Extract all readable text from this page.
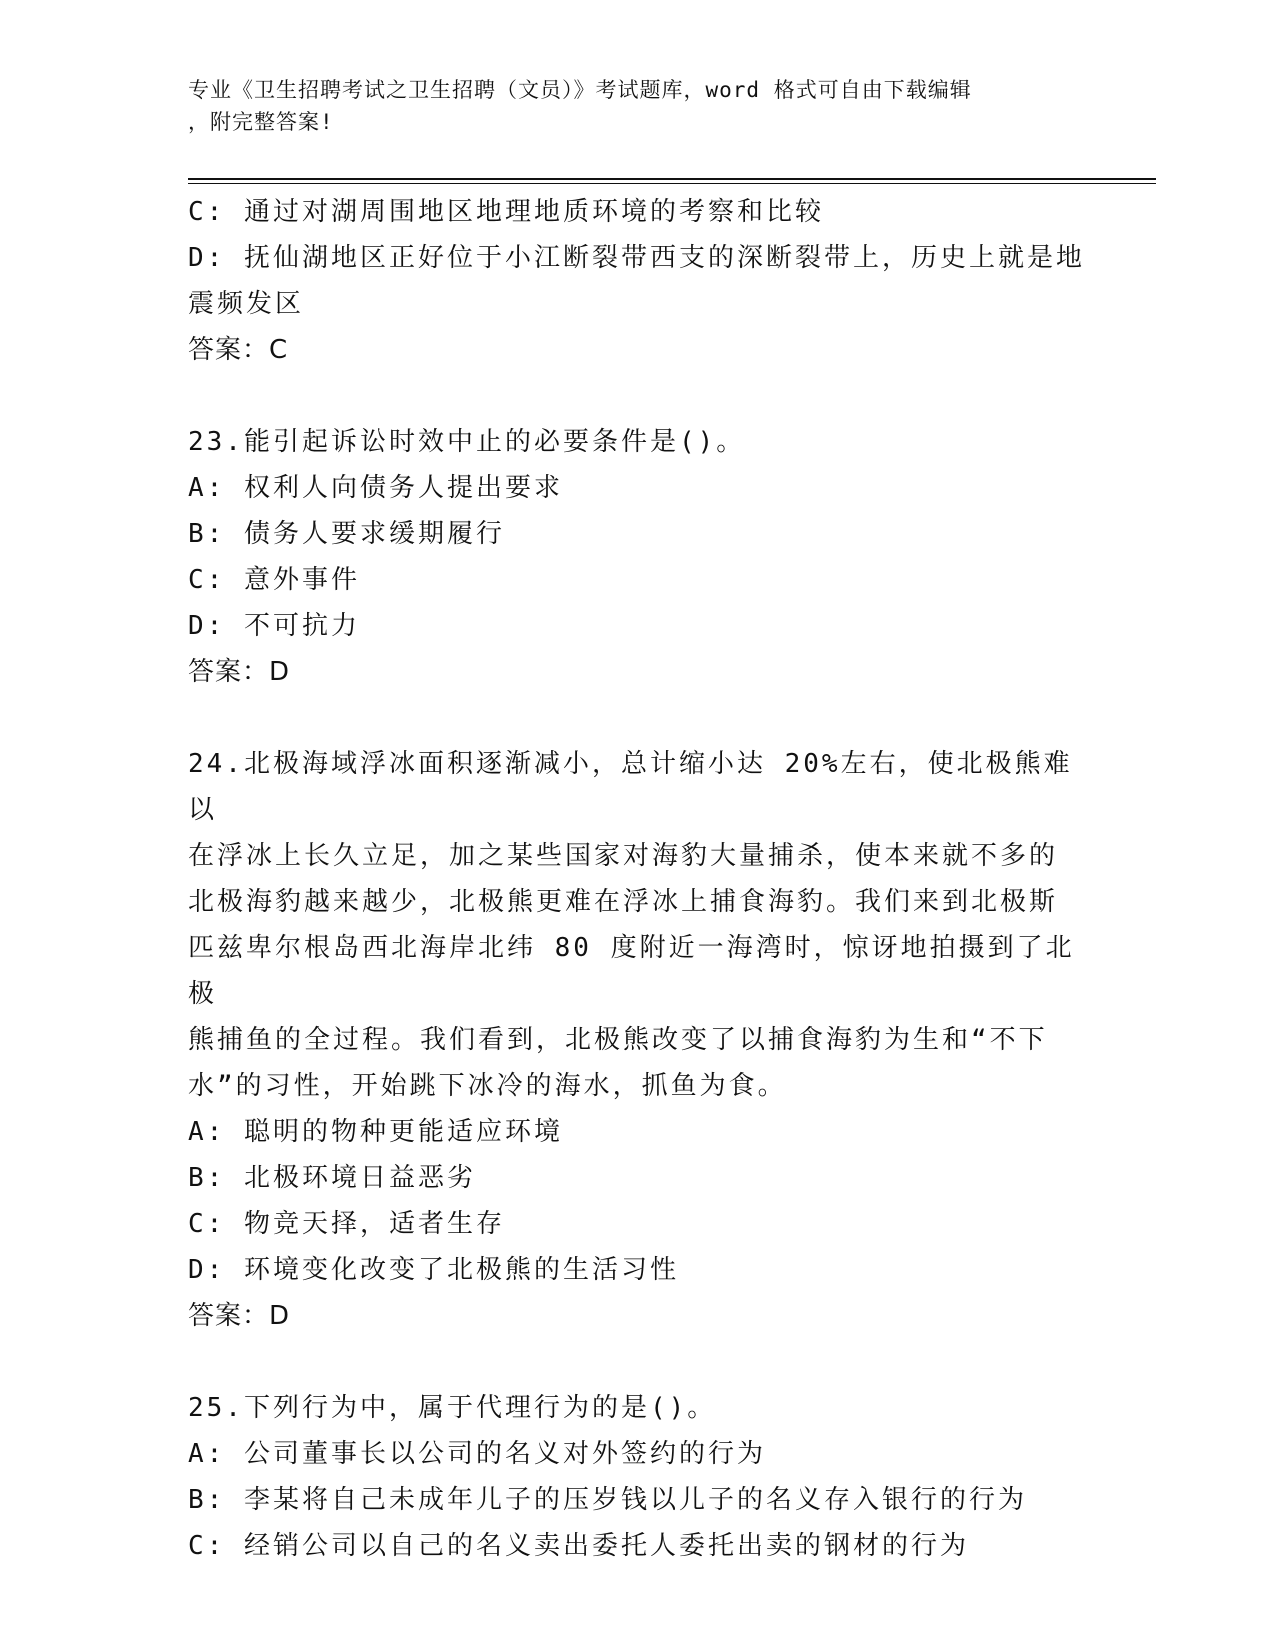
专业《卫生招聘考试之卫生招聘（文员）》考试题库，word 格式可自由下载编辑

，附完整答案!

C: 通过对湖周围地区地理地质环境的考察和比较

D: 抚仙湖地区正好位于小江断裂带西支的深断裂带上，历史上就是地

震频发区

答案：C

23.能引起诉讼时效中止的必要条件是()。

A: 权利人向债务人提出要求

B: 债务人要求缓期履行

C: 意外事件

D: 不可抗力

答案：D

24.北极海域浮冰面积逐渐减小，总计缩小达 20%左右，使北极熊难以

在浮冰上长久立足，加之某些国家对海豹大量捕杀，使本来就不多的

北极海豹越来越少，北极熊更难在浮冰上捕食海豹。我们来到北极斯

匹兹卑尔根岛西北海岸北纬 80 度附近一海湾时，惊讶地拍摄到了北极

熊捕鱼的全过程。我们看到，北极熊改变了以捕食海豹为生和“不下

水”的习性，开始跳下冰冷的海水，抓鱼为食。

A: 聪明的物种更能适应环境

B: 北极环境日益恶劣

C: 物竞天择，适者生存

D: 环境变化改变了北极熊的生活习性

答案：D

25.下列行为中，属于代理行为的是()。

A: 公司董事长以公司的名义对外签约的行为

B: 李某将自己未成年儿子的压岁钱以儿子的名义存入银行的行为

C: 经销公司以自己的名义卖出委托人委托出卖的钢材的行为
